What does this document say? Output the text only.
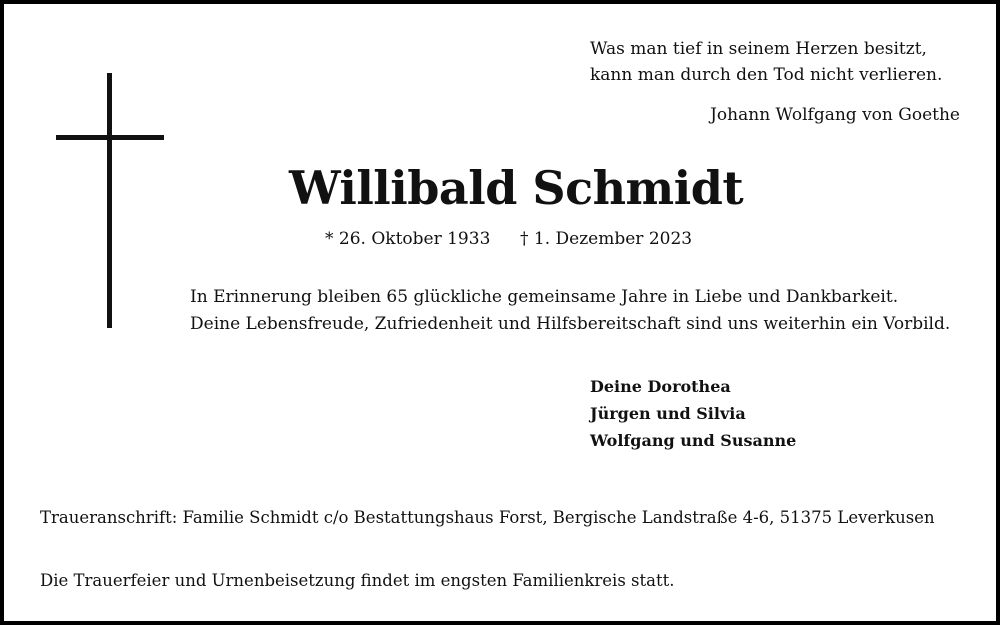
Was man tief in seinem Herzen besitzt,
kann man durch den Tod nicht verlieren.
Johann Wolfgang von Goethe
Willibald Schmidt
* 26. Oktober 1933 † 1. Dezember 2023
In Erinnerung bleiben 65 glückliche gemeinsame Jahre in Liebe und Dankbarkeit.
Deine Lebensfreude, Zufriedenheit und Hilfsbereitschaft sind uns weiterhin ein Vorbild.
Deine Dorothea
Jürgen und Silvia
Wolfgang und Susanne
Traueranschrift: Familie Schmidt c/o Bestattungshaus Forst, Bergische Landstraße 4-6, 51375 Leverkusen
Die Trauerfeier und Urnenbeisetzung findet im engsten Familienkreis statt.
